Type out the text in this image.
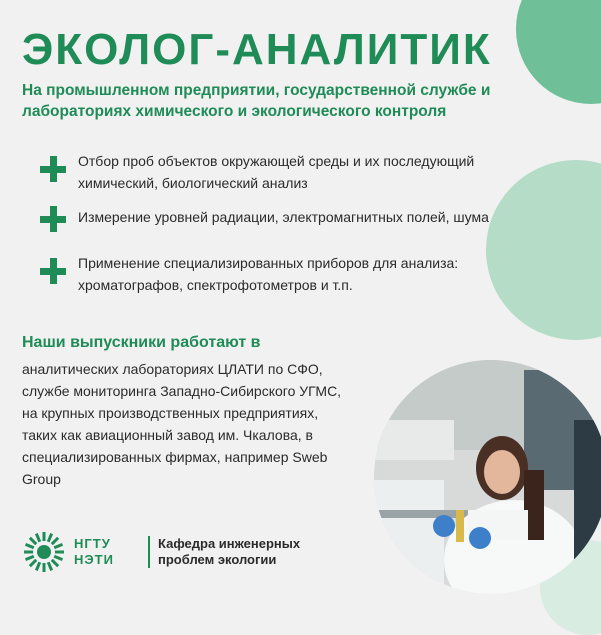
ЭКОЛОГ-АНАЛИТИК
На промышленном предприятии, государственной службе и лабораториях химического и экологического контроля
Отбор проб объектов окружающей среды и их последующий химический, биологический анализ
Измерение уровней радиации, электромагнитных полей, шума
Применение специализированных приборов для анализа: хроматографов, спектрофотометров и т.п.
Наши выпускники работают в
аналитических лабораториях ЦЛАТИ по СФО, службе мониторинга Западно-Сибирского УГМС, на крупных производственных предприятиях, таких как авиационный завод им. Чкалова, в специализированных фирмах, например Sweb Group
НГТУ
НЭТИ
Кафедра инженерных проблем экологии
